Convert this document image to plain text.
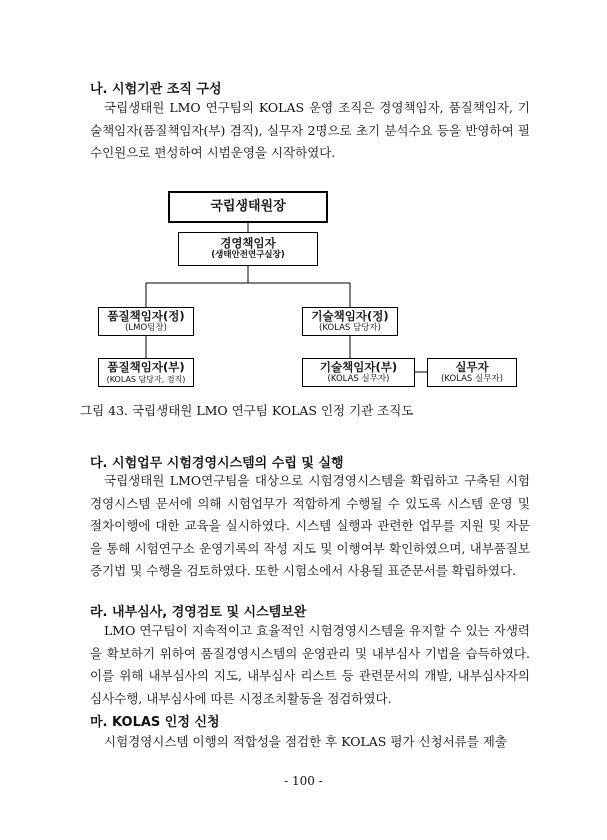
나. 시험기관 조직 구성
국립생태원 LMO 연구팀의 KOLAS 운영 조직은 경영책임자, 품질책임자, 기술책임자(품질책임자(부) 겸직), 실무자 2명으로 초기 분석수요 등을 반영하여 필수인원으로 편성하여 시범운영을 시작하였다.
국립생태원장
경영책임자
(생태안전연구실장)
품질책임자(정)
(LMO팀장)
기술책임자(정)
(KOLAS 담당자)
품질책임자(부)
(KOLAS 담당자, 겸직)
기술책임자(부)
(KOLAS 실무자)
실무자
(KOLAS 실무자)
그림 43. 국립생태원 LMO 연구팀 KOLAS 인정 기관 조직도
다. 시험업무 시험경영시스템의 수립 및 실행
국립생태원 LMO연구팀을 대상으로 시험경영시스템을 확립하고 구축된 시험경영시스템 문서에 의해 시험업무가 적합하게 수행될 수 있도록 시스템 운영 및 절차이행에 대한 교육을 실시하였다. 시스템 실행과 관련한 업무를 지원 및 자문을 통해 시험연구소 운영기록의 작성 지도 및 이행여부 확인하였으며, 내부품질보증기법 및 수행을 검토하였다. 또한 시험소에서 사용될 표준문서를 확립하였다.
라. 내부심사, 경영검토 및 시스템보완
LMO 연구팀이 지속적이고 효율적인 시험경영시스템을 유지할 수 있는 자생력을 확보하기 위하여 품질경영시스템의 운영관리 및 내부심사 기법을 습득하였다. 이를 위해 내부심사의 지도, 내부심사 리스트 등 관련문서의 개발, 내부심사자의 심사수행, 내부심사에 따른 시정조치활동을 점검하였다.
마. KOLAS 인정 신청
시험경영시스템 이행의 적합성을 점검한 후 KOLAS 평가 신청서류를 제출
- 100 -
